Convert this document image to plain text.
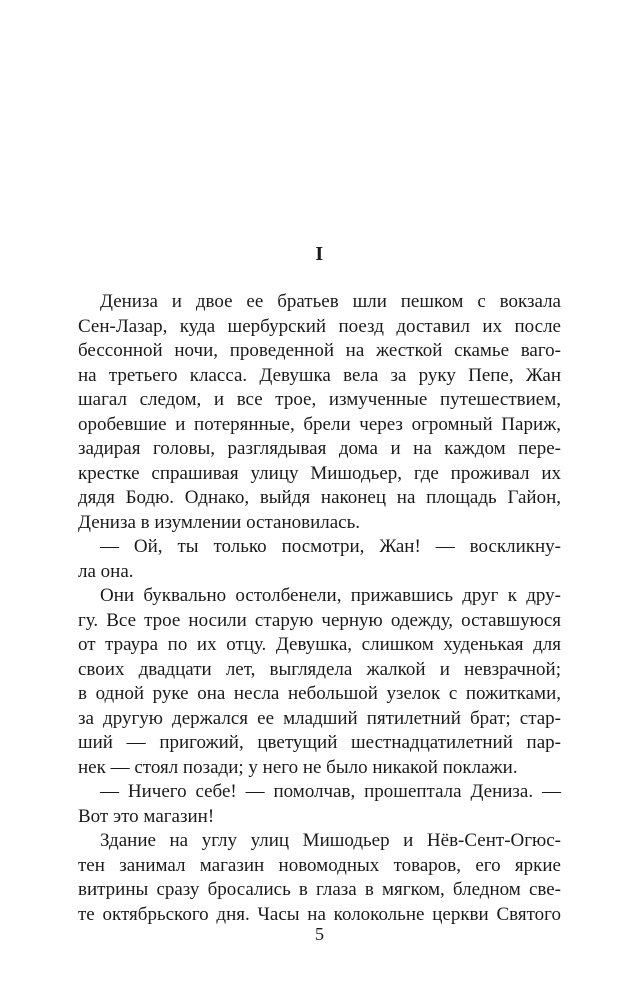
I
Дениза и двое ее братьев шли пешком с вокзала
Сен-Лазар, куда шербурский поезд доставил их после
бессонной ночи, проведенной на жесткой скамье ваго-
на третьего класса. Девушка вела за руку Пепе, Жан
шагал следом, и все трое, измученные путешествием,
оробевшие и потерянные, брели через огромный Париж,
задирая головы, разглядывая дома и на каждом пере-
крестке спрашивая улицу Мишодьер, где проживал их
дядя Бодю. Однако, выйдя наконец на площадь Гайон,
Дениза в изумлении остановилась.
— Ой, ты только посмотри, Жан! — воскликну-
ла она.
Они буквально остолбенели, прижавшись друг к дру-
гу. Все трое носили старую черную одежду, оставшуюся
от траура по их отцу. Девушка, слишком худенькая для
своих двадцати лет, выглядела жалкой и невзрачной;
в одной руке она несла небольшой узелок с пожитками,
за другую держался ее младший пятилетний брат; стар-
ший — пригожий, цветущий шестнадцатилетний пар-
нек — стоял позади; у него не было никакой поклажи.
— Ничего себе! — помолчав, прошептала Дениза. —
Вот это магазин!
Здание на углу улиц Мишодьер и Нёв-Сент-Огюс-
тен занимал магазин новомодных товаров, его яркие
витрины сразу бросались в глаза в мягком, бледном све-
те октябрьского дня. Часы на колокольне церкви Святого
5
